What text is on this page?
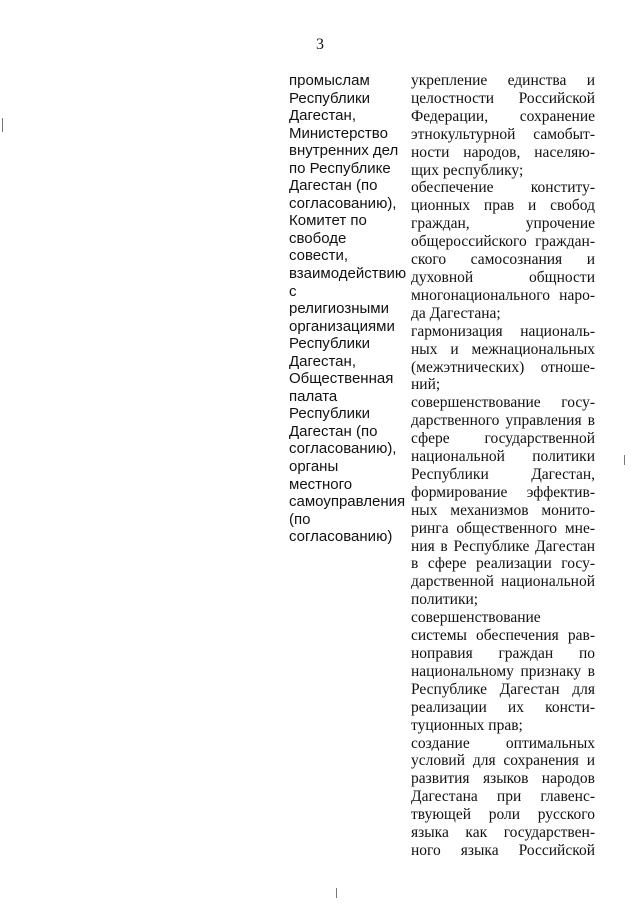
3
промыслам
Республики
Дагестан,
Министерство
внутренних дел
по Республике
Дагестан (по
согласованию),
Комитет по
свободе совести,
взаимодействию
с религиозными
организациями
Республики
Дагестан,
Общественная
палата
Республики
Дагестан (по
согласованию),
органы местного
самоуправления
(по
согласованию)
укрепление единства и
целостности Российской
Федерации, сохранение
этнокультурной самобыт-
ности народов, населяю-
щих республику;
обеспечение конститу-
ционных прав и свобод
граждан, упрочение
общероссийского граждан-
ского самосознания и
духовной общности
многонационального наро-
да Дагестана;
гармонизация националь-
ных и межнациональных
(межэтнических) отноше-
ний;
совершенствование госу-
дарственного управления в
сфере государственной
национальной политики
Республики Дагестан,
формирование эффектив-
ных механизмов монито-
ринга общественного мне-
ния в Республике Дагестан
в сфере реализации госу-
дарственной национальной
политики;
совершенствование
системы обеспечения рав-
ноправия граждан по
национальному признаку в
Республике Дагестан для
реализации их консти-
туционных прав;
создание оптимальных
условий для сохранения и
развития языков народов
Дагестана при главенс-
твующей роли русского
языка как государствен-
ного языка Российской
